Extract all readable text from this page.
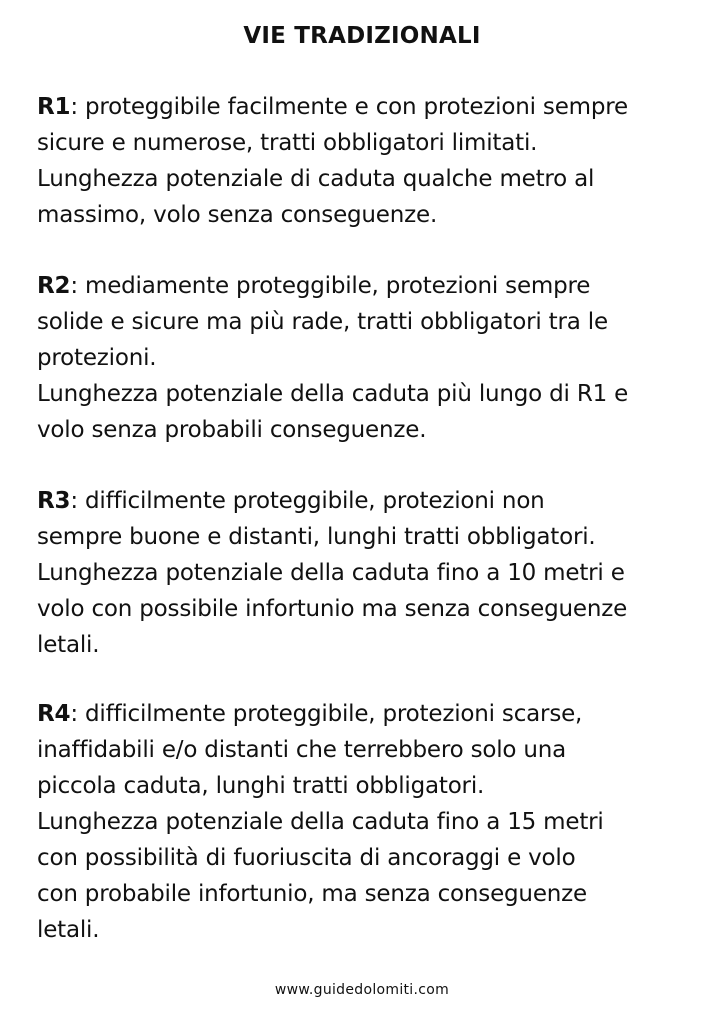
VIE TRADIZIONALI
R1: proteggibile facilmente e con protezioni sempre
sicure e numerose, tratti obbligatori limitati.
Lunghezza potenziale di caduta qualche metro al
massimo, volo senza conseguenze.
R2: mediamente proteggibile, protezioni sempre
solide e sicure ma più rade, tratti obbligatori tra le
protezioni.
Lunghezza potenziale della caduta più lungo di R1 e
volo senza probabili conseguenze.
R3: difficilmente proteggibile, protezioni non
sempre buone e distanti, lunghi tratti obbligatori.
Lunghezza potenziale della caduta fino a 10 metri e
volo con possibile infortunio ma senza conseguenze
letali.
R4: difficilmente proteggibile, protezioni scarse,
inaffidabili e/o distanti che terrebbero solo una
piccola caduta, lunghi tratti obbligatori.
Lunghezza potenziale della caduta fino a 15 metri
con possibilità di fuoriuscita di ancoraggi e volo
con probabile infortunio, ma senza conseguenze
letali.
www.guidedolomiti.com
